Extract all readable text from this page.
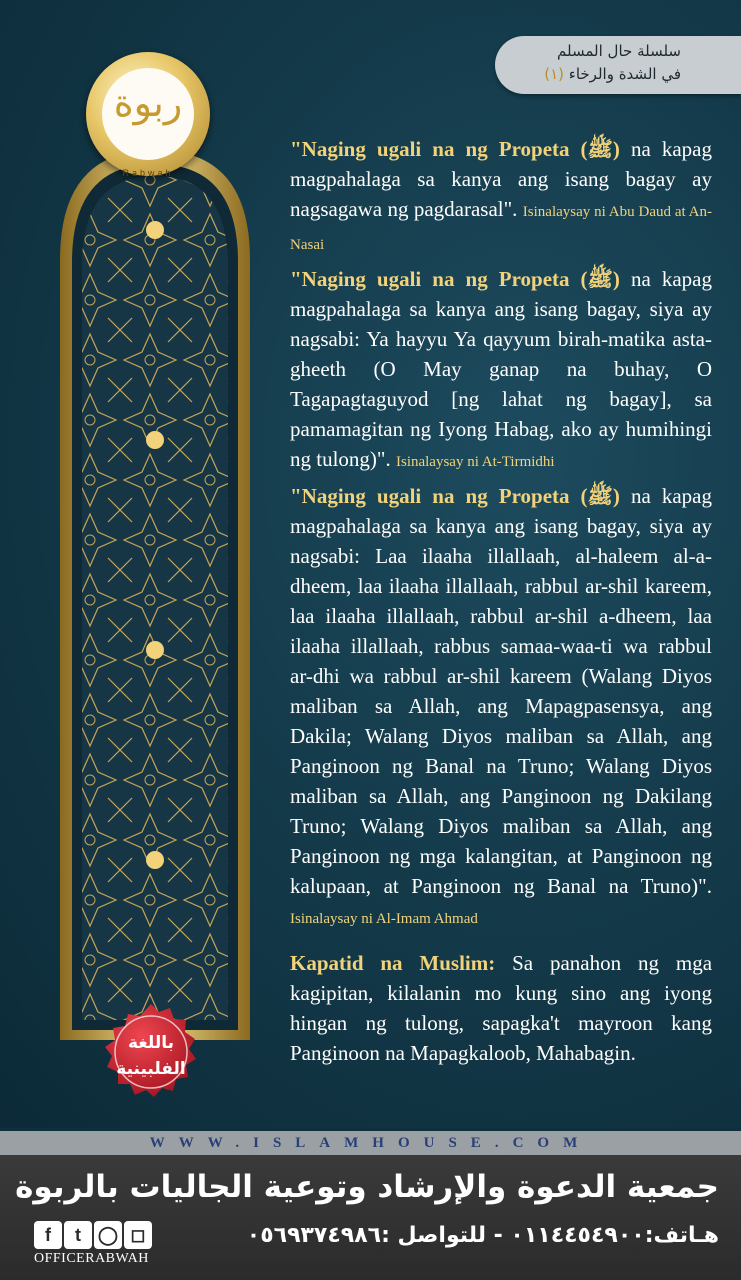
ربوة
Rabwah
سلسلة حال المسلم
في الشدة والرخاء (١)
باللغة
الفلبينية

"Naging ugali na ng Propeta (ﷺ) na kapag magpahalaga sa kanya ang isang bagay ay nagsagawa ng pagdarasal". Isinalaysay ni Abu Daud at An-Nasai

"Naging ugali na ng Propeta (ﷺ) na kapag magpahalaga sa kanya ang isang bagay, siya ay nagsabi: Ya hayyu Ya qayyum birah-matika asta-gheeth (O May ganap na buhay, O Tagapagtaguyod [ng lahat ng bagay], sa pamamagitan ng Iyong Habag, ako ay humihingi ng tulong)". Isinalaysay ni At-Tirmidhi

"Naging ugali na ng Propeta (ﷺ) na kapag magpahalaga sa kanya ang isang bagay, siya ay nagsabi: Laa ilaaha illallaah, al-haleem al-a-dheem, laa ilaaha illallaah, rabbul ar-shil kareem, laa ilaaha illallaah, rabbul ar-shil a-dheem, laa ilaaha illallaah, rabbus samaa-waa-ti wa rabbul ar-dhi wa rabbul ar-shil kareem (Walang Diyos maliban sa Allah, ang Mapagpasensya, ang Dakila; Walang Diyos maliban sa Allah, ang Panginoon ng Banal na Truno; Walang Diyos maliban sa Allah, ang Panginoon ng Dakilang Truno; Walang Diyos maliban sa Allah, ang Panginoon ng mga kalangitan, at Panginoon ng kalupaan, at Panginoon ng Banal na Truno)". Isinalaysay ni Al-Imam Ahmad

Kapatid na Muslim: Sa panahon ng mga kagipitan, kilalanin mo kung sino ang iyong hingan ng tulong, sapagka't mayroon kang Panginoon na Mapagkaloob, Mahabagin.

WWW.ISLAMHOUSE.COM
جمعية الدعوة والإرشاد وتوعية الجاليات بالربوة
هـاتف:٠١١٤٤٥٤٩٠٠ - للتواصل :٠٥٦٩٣٧٤٩٨٦
f	t ◯ ◻
OFFICERABWAH
